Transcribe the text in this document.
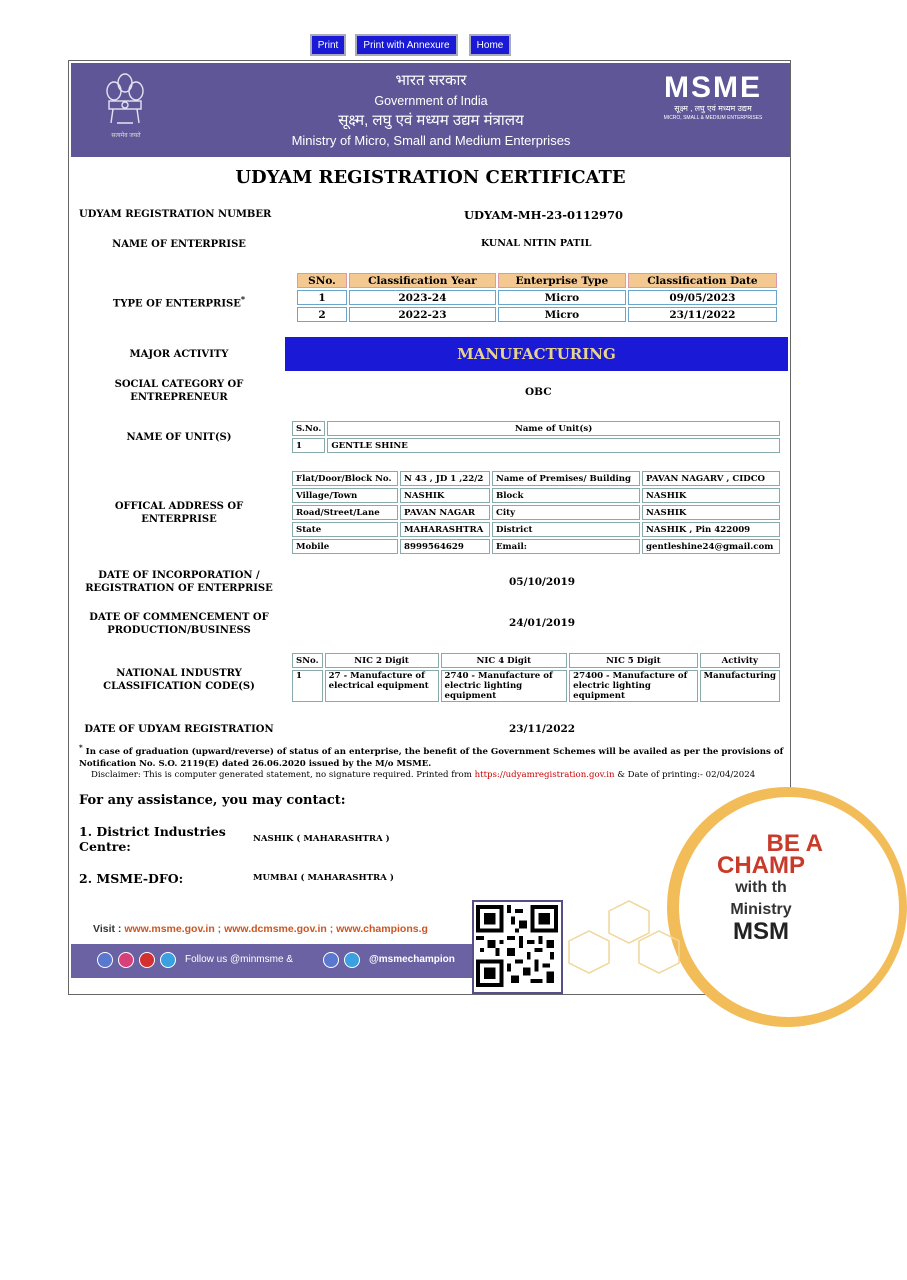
Print	Print with Annexure	Home
सत्यमेव जयते
भारत सरकार
Government of India
सूक्ष्म, लघु एवं मध्यम उद्यम मंत्रालय
Ministry of Micro, Small and Medium Enterprises
MSME
सूक्ष्म , लघु एवं मध्यम उद्यम
MICRO, SMALL & MEDIUM ENTERPRISES
UDYAM REGISTRATION CERTIFICATE
UDYAM REGISTRATION NUMBER	UDYAM-MH-23-0112970
NAME OF ENTERPRISE	KUNAL NITIN PATIL
TYPE OF ENTERPRISE*
SNo.	Classification Year	Enterprise Type	Classification Date
1	2023-24	Micro	09/05/2023
2	2022-23	Micro	23/11/2022
MAJOR ACTIVITY	MANUFACTURING
SOCIAL CATEGORY OF ENTREPRENEUR	OBC
NAME OF UNIT(S)
S.No.	Name of Unit(s)
1	GENTLE SHINE
OFFICAL ADDRESS OF ENTERPRISE
Flat/Door/Block No.	N 43 , JD 1 ,22/2	Name of Premises/ Building	PAVAN NAGARV , CIDCO
Village/Town	NASHIK	Block	NASHIK
Road/Street/Lane	PAVAN NAGAR	City	NASHIK
State	MAHARASHTRA	District	NASHIK , Pin 422009
Mobile	8999564629	Email:	gentleshine24@gmail.com
DATE OF INCORPORATION / REGISTRATION OF ENTERPRISE
05/10/2019
DATE OF COMMENCEMENT OF PRODUCTION/BUSINESS
24/01/2019
NATIONAL INDUSTRY CLASSIFICATION CODE(S)
SNo.	NIC 2 Digit	NIC 4 Digit	NIC 5 Digit	Activity
1	27 - Manufacture of electrical equipment	2740 - Manufacture of electric lighting equipment	27400 - Manufacture of electric lighting equipment	Manufacturing
DATE OF UDYAM REGISTRATION	23/11/2022
* In case of graduation (upward/reverse) of status of an enterprise, the benefit of the Government Schemes will be availed as per the provisions of Notification No. S.O. 2119(E) dated 26.06.2020 issued by the M/o MSME.
Disclaimer: This is computer generated statement, no signature required. Printed from https://udyamregistration.gov.in & Date of printing:- 02/04/2024
For any assistance, you may contact:
1. District Industries Centre:	NASHIK ( MAHARASHTRA )
2. MSME-DFO:	MUMBAI ( MAHARASHTRA )
BE A
CHAMP
with th
Ministry
MSM
Visit : www.msme.gov.in ; www.dcmsme.gov.in ; www.champions.g
Follow us @minmsme &	@msmechampion
